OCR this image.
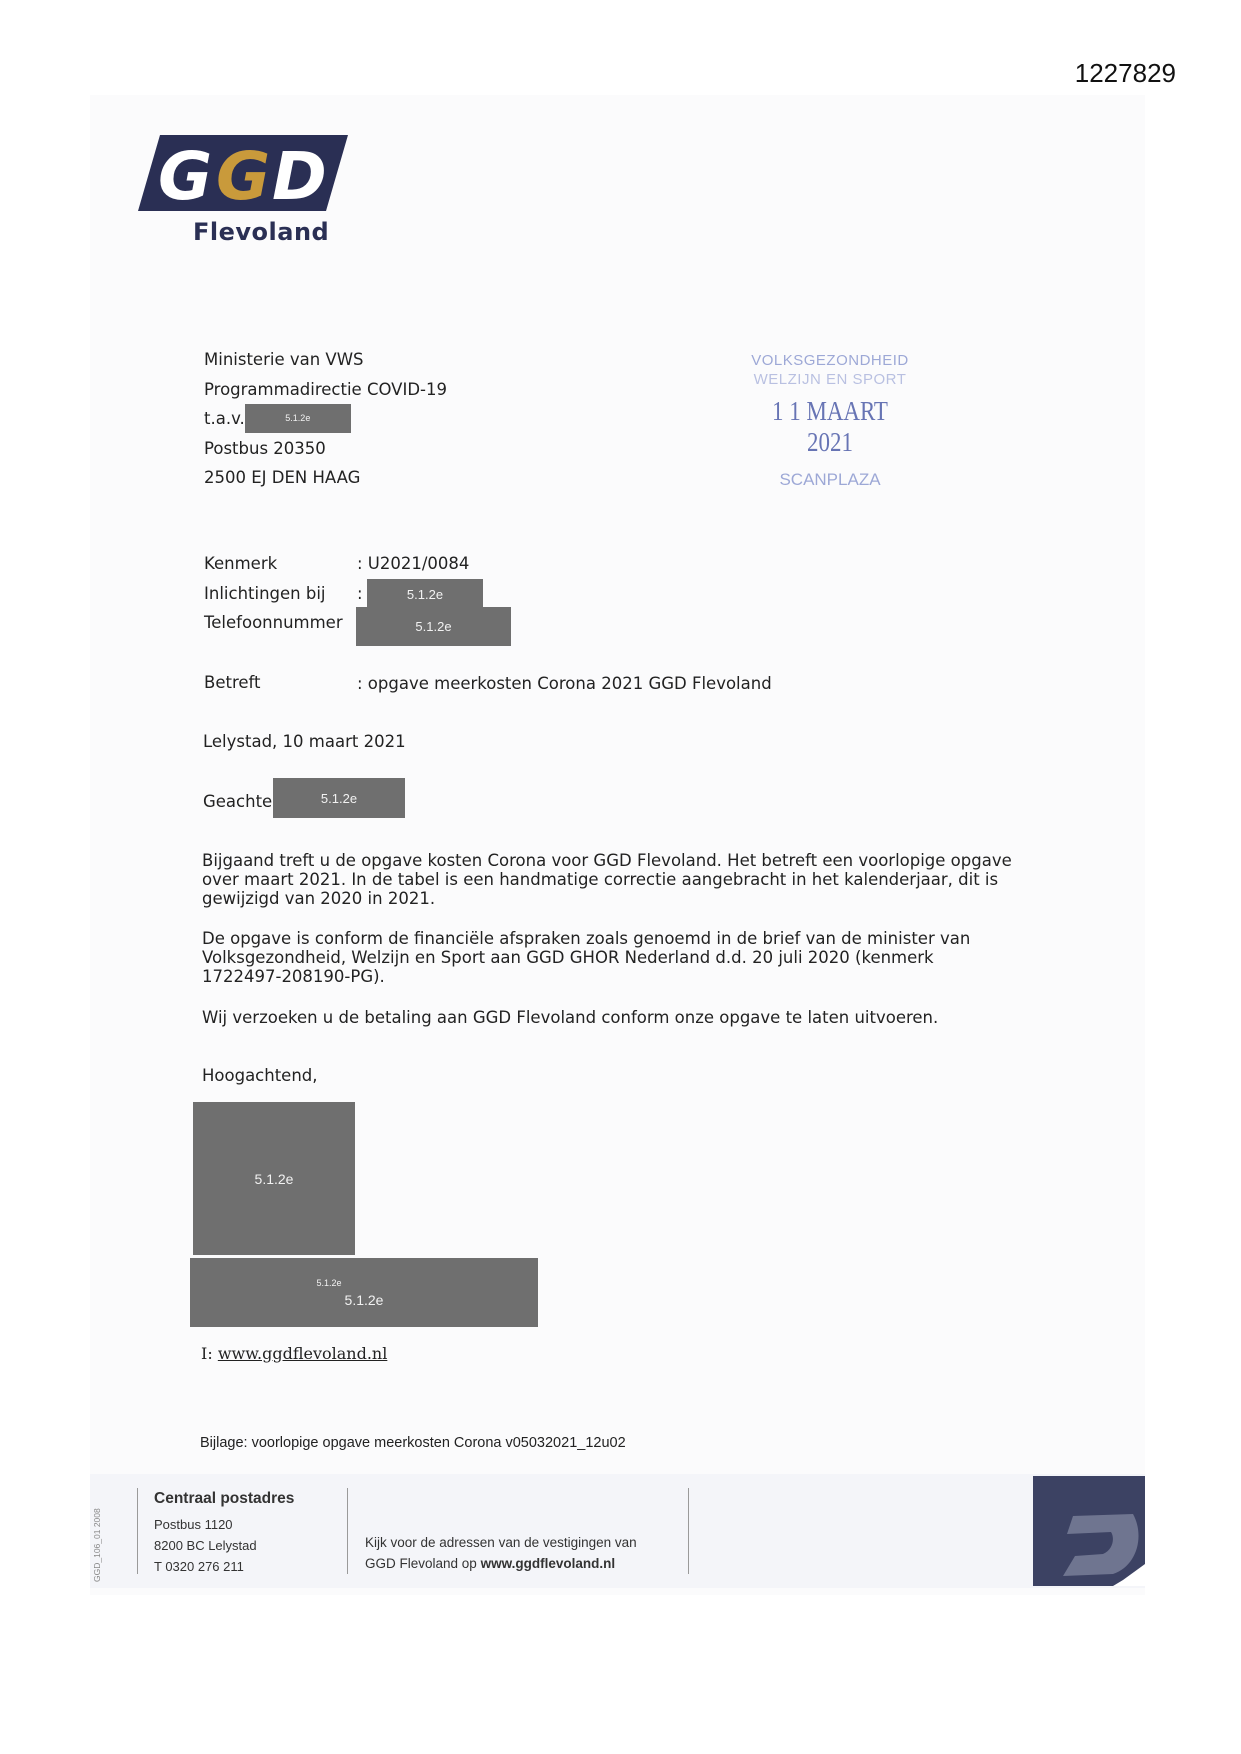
1227829
G G D
Flevoland
Ministerie van VWS
Programmadirectie COVID-19
t.a.v.	5.1.2e
Postbus 20350
2500 EJ DEN HAAG
VOLKSGEZONDHEID
WELZIJN EN SPORT
1 1 MAART 2021
SCANPLAZA
Kenmerk	: U2021/0084
Inlichtingen bij :	5.1.2e
Telefoonnummer	5.1.2e
Betreft	: opgave meerkosten Corona 2021 GGD Flevoland
Lelystad, 10 maart 2021
Geachte	5.1.2e
Bijgaand treft u de opgave kosten Corona voor GGD Flevoland. Het betreft een voorlopige opgave over maart 2021. In de tabel is een handmatige correctie aangebracht in het kalenderjaar, dit is gewijzigd van 2020 in 2021.
De opgave is conform de financiële afspraken zoals genoemd in de brief van de minister van Volksgezondheid, Welzijn en Sport aan GGD GHOR Nederland d.d. 20 juli 2020 (kenmerk 1722497-208190-PG).
Wij verzoeken u de betaling aan GGD Flevoland conform onze opgave te laten uitvoeren.
Hoogachtend,
5.1.2e
5.1.2e
5.1.2e
I: www.ggdflevoland.nl
Bijlage: voorlopige opgave meerkosten Corona v05032021_12u02
GGD_106_01 2008
Centraal postadres
Postbus 1120
8200 BC Lelystad
T 0320 276 211
Kijk voor de adressen van de vestigingen van
GGD Flevoland op www.ggdflevoland.nl
